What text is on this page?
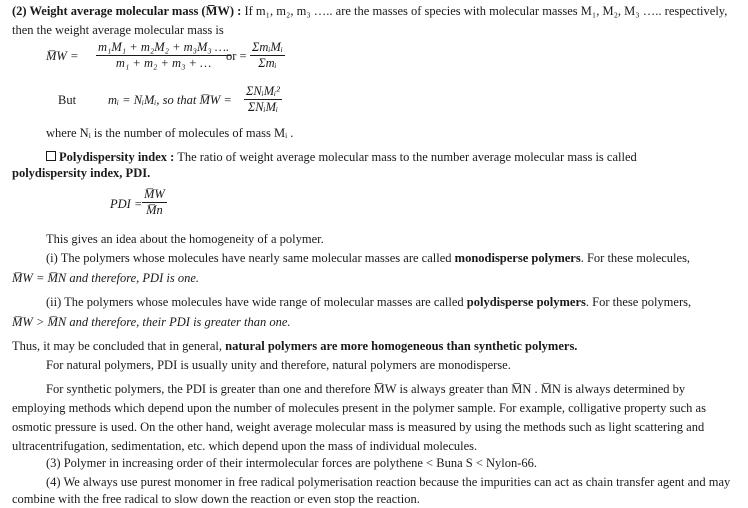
(2) Weight average molecular mass (M̅W) : If m₁, m₂, m₃ ….. are the masses of species with molecular masses M₁, M₂, M₃ ….. respectively,
then the weight average molecular mass is
M̅W = $\frac{\text{m₁M₁ + m₂M₂ + m₃M₃ ….}}{\text{m₁ + m₂ + m₃ + …}}$
or =
ΣmᵢMᵢ
Σmᵢ
But	mᵢ = NᵢMᵢ, so that M̅W =
ΣNᵢMᵢ²
ΣNᵢMᵢ
where Nᵢ is the number of molecules of mass Mᵢ .
Polydispersity index : The ratio of weight average molecular mass to the number average molecular mass is called
polydispersity index, PDI.
PDI = $\frac{M̅W}{M̅n}$
This gives an idea about the homogeneity of a polymer.
(i) The polymers whose molecules have nearly same molecular masses are called monodisperse polymers. For these molecules,
M̅W = M̅N and therefore, PDI is one.
(ii) The polymers whose molecules have wide range of molecular masses are called polydisperse polymers. For these polymers,
M̅W > M̅N and therefore, their PDI is greater than one.
Thus, it may be concluded that in general, natural polymers are more homogeneous than synthetic polymers.
For natural polymers, PDI is usually unity and therefore, natural polymers are monodisperse.
For synthetic polymers, the PDI is greater than one and therefore M̅W is always greater than M̅N . M̅N is always determined by employing methods which depend upon the number of molecules present in the polymer sample. For example, colligative property such as osmotic pressure is used. On the other hand, weight average molecular mass is measured by using the methods such as light scattering and ultracentrifugation, sedimentation, etc. which depend upon the mass of individual molecules.
(3) Polymer in increasing order of their intermolecular forces are polythene < Buna S < Nylon-66.
(4) We always use purest monomer in free radical polymerisation reaction because the impurities can act as chain transfer agent and may combine with the free radical to slow down the reaction or even stop the reaction.
